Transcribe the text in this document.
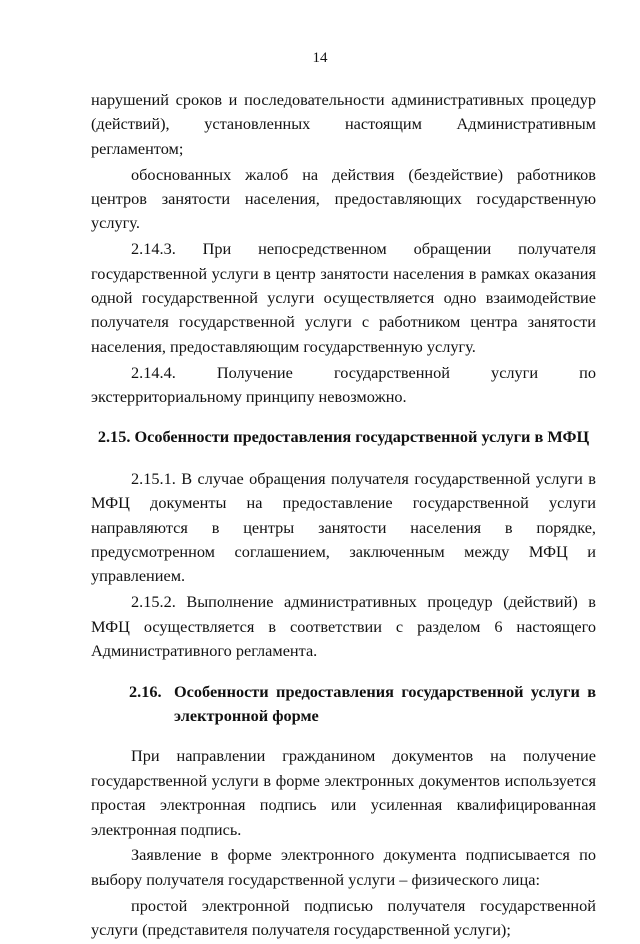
14

нарушений сроков и последовательности административных процедур (действий), установленных настоящим Административным регламентом;

обоснованных жалоб на действия (бездействие) работников центров занятости населения, предоставляющих государственную услугу.

2.14.3. При непосредственном обращении получателя государственной услуги в центр занятости населения в рамках оказания одной государственной услуги осуществляется одно взаимодействие получателя государственной услуги с работником центра занятости населения, предоставляющим государственную услугу.

2.14.4. Получение государственной услуги по экстерриториальному принципу невозможно.

2.15. Особенности предоставления государственной услуги в МФЦ

2.15.1. В случае обращения получателя государственной услуги в МФЦ документы на предоставление государственной услуги направляются в центры занятости населения в порядке, предусмотренном соглашением, заключенным между МФЦ и управлением.

2.15.2. Выполнение административных процедур (действий) в МФЦ осуществляется в соответствии с разделом 6 настоящего Административного регламента.

2.16. Особенности предоставления государственной услуги в электронной форме

При направлении гражданином документов на получение государственной услуги в форме электронных документов используется простая электронная подпись или усиленная квалифицированная электронная подпись.

Заявление в форме электронного документа подписывается по выбору получателя государственной услуги – физического лица:

простой электронной подписью получателя государственной услуги (представителя получателя государственной услуги);
